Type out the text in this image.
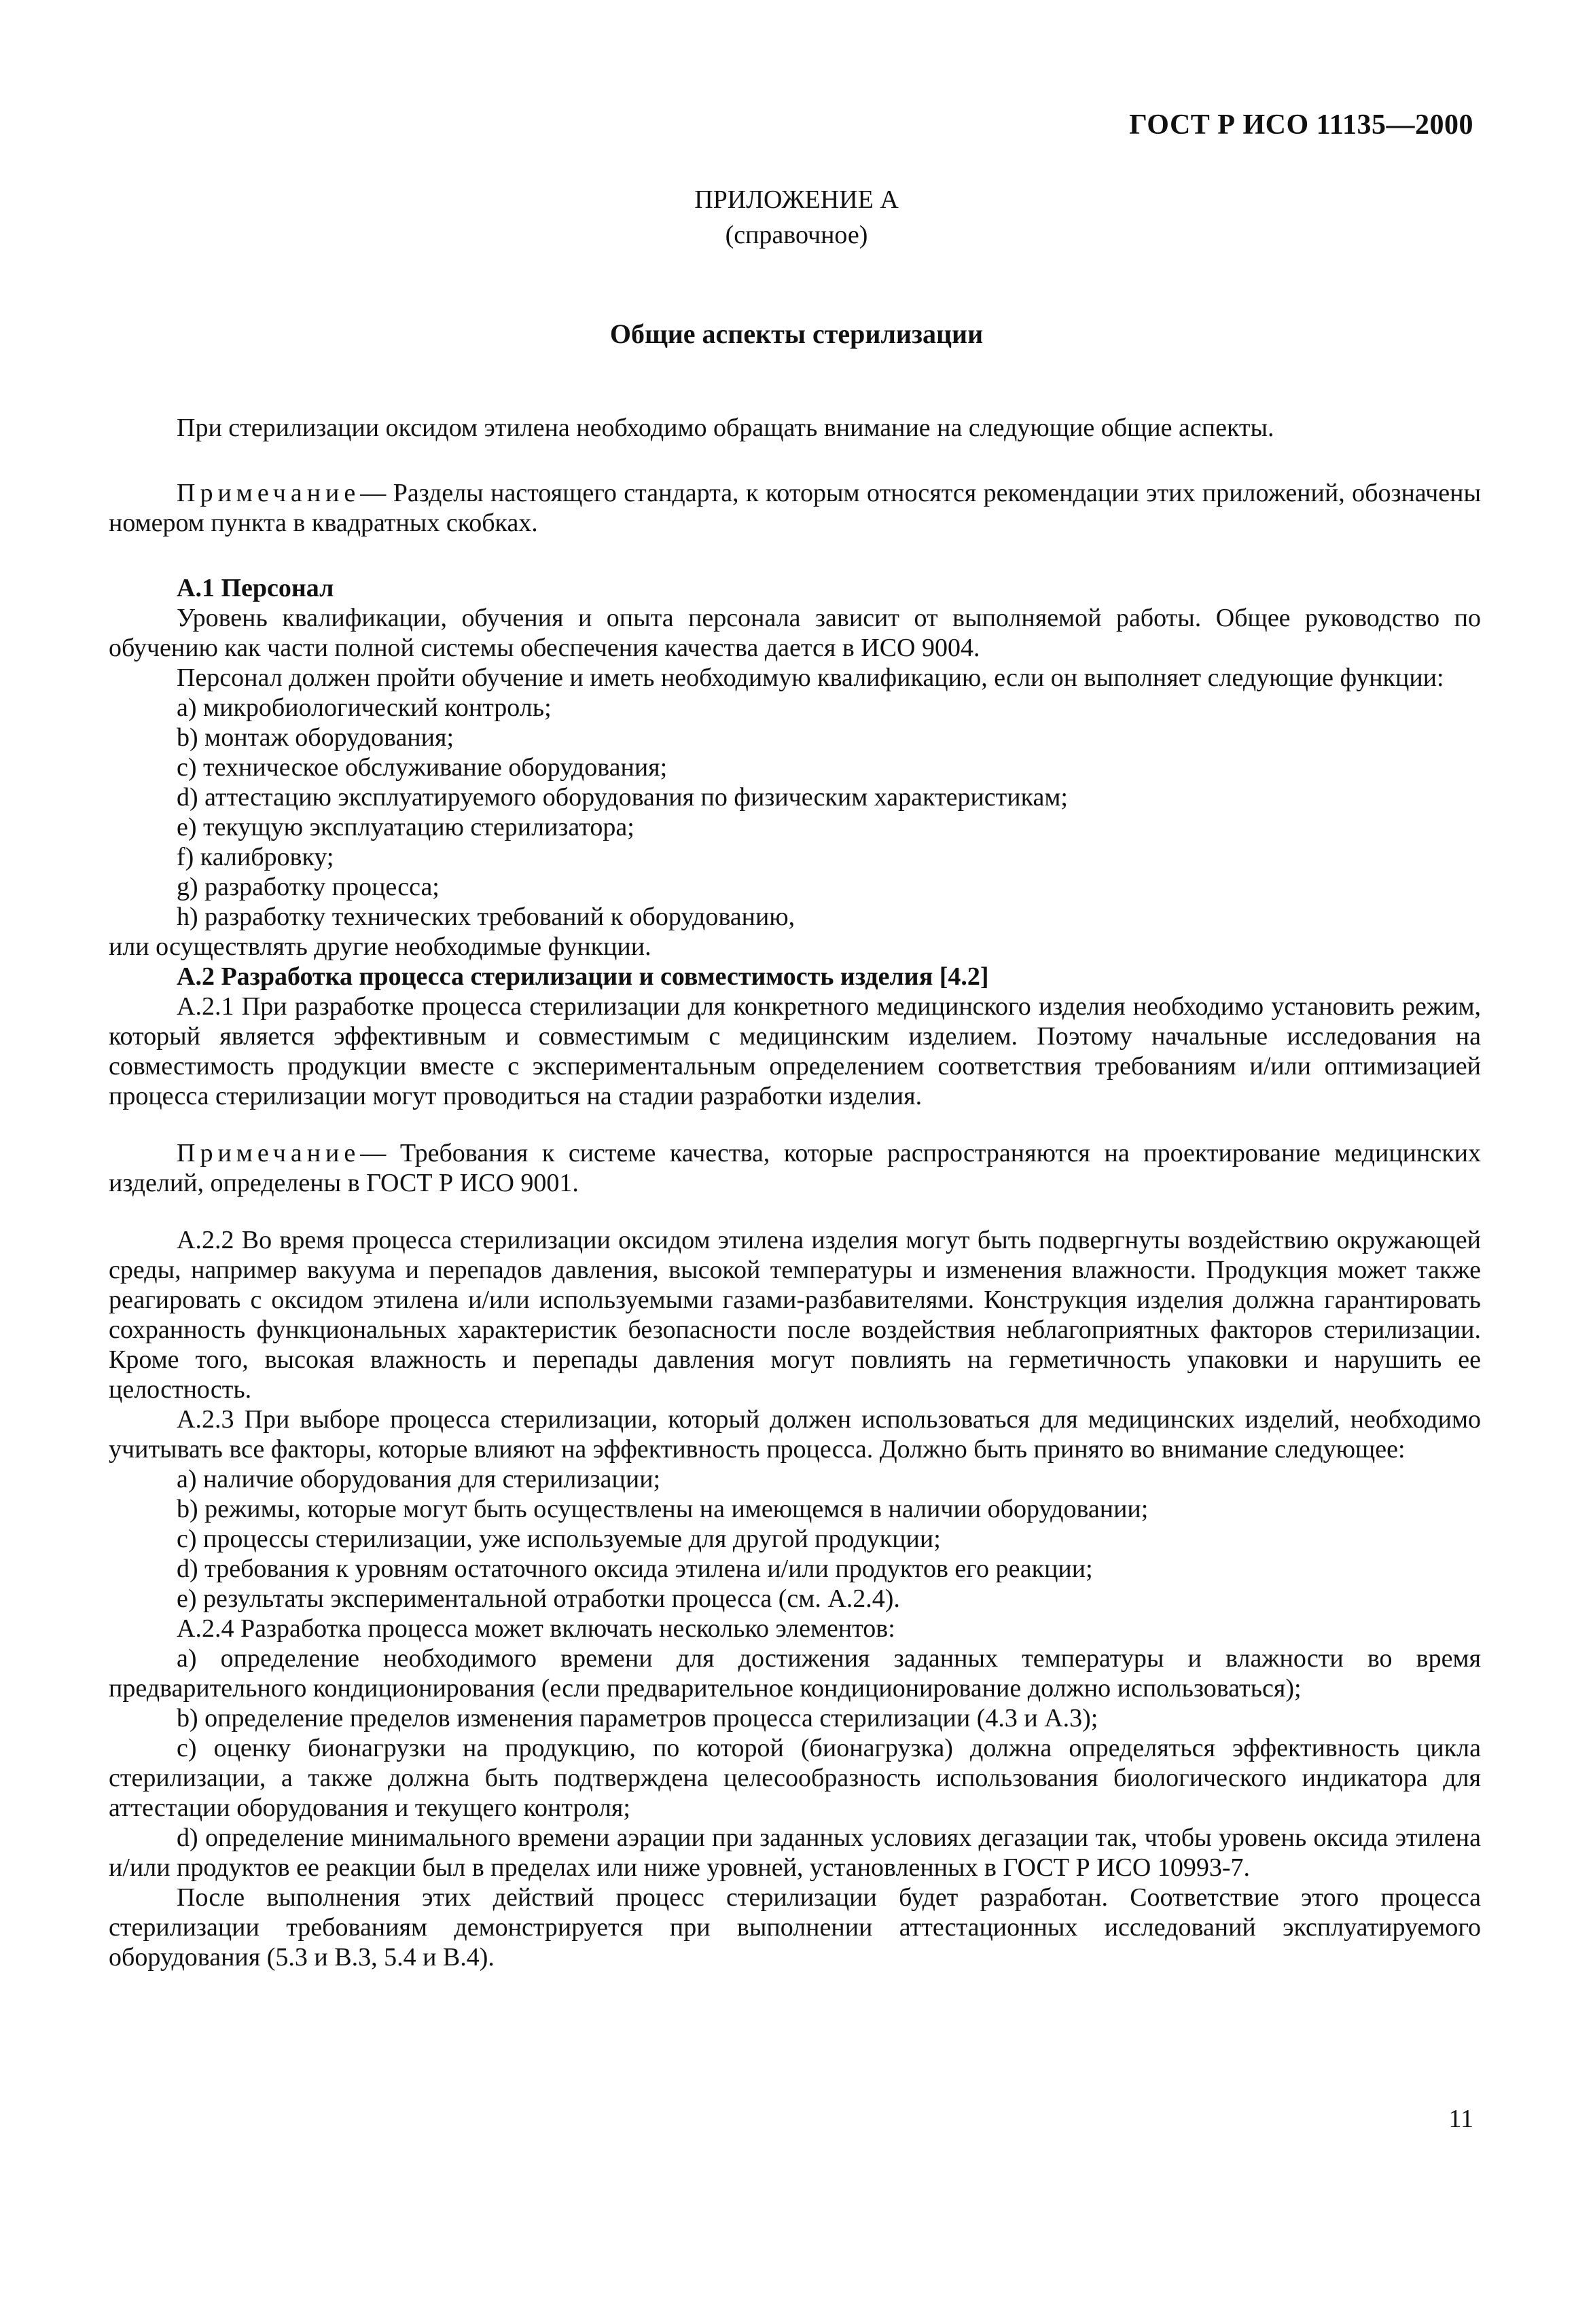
ГОСТ Р ИСО 11135—2000
ПРИЛОЖЕНИЕ А
(справочное)
Общие аспекты стерилизации

При стерилизации оксидом этилена необходимо обращать внимание на следующие общие аспекты.

Примечание— Разделы настоящего стандарта, к которым относятся рекомендации этих приложений, обозначены номером пункта в квадратных скобках.

А.1 Персонал

Уровень квалификации, обучения и опыта персонала зависит от выполняемой работы. Общее руководство по обучению как части полной системы обеспечения качества дается в ИСО 9004.

Персонал должен пройти обучение и иметь необходимую квалификацию, если он выполняет следующие функции:

а) микробиологический контроль;

b) монтаж оборудования;

с) техническое обслуживание оборудования;

d) аттестацию эксплуатируемого оборудования по физическим характеристикам;

е) текущую эксплуатацию стерилизатора;

f) калибровку;

g) разработку процесса;

h) разработку технических требований к оборудованию,

или осуществлять другие необходимые функции.

А.2 Разработка процесса стерилизации и совместимость изделия [4.2]

А.2.1 При разработке процесса стерилизации для конкретного медицинского изделия необходимо установить режим, который является эффективным и совместимым с медицинским изделием. Поэтому начальные исследования на совместимость продукции вместе с экспериментальным определением соответствия требованиям и/или оптимизацией процесса стерилизации могут проводиться на стадии разработки изделия.

Примечание— Требования к системе качества, которые распространяются на проектирование медицинских изделий, определены в ГОСТ Р ИСО 9001.

А.2.2 Во время процесса стерилизации оксидом этилена изделия могут быть подвергнуты воздействию окружающей среды, например вакуума и перепадов давления, высокой температуры и изменения влажности. Продукция может также реагировать с оксидом этилена и/или используемыми газами-разбавителями. Конструкция изделия должна гарантировать сохранность функциональных характеристик безопасности после воздействия неблагоприятных факторов стерилизации. Кроме того, высокая влажность и перепады давления могут повлиять на герметичность упаковки и нарушить ее целостность.

А.2.3 При выборе процесса стерилизации, который должен использоваться для медицинских изделий, необходимо учитывать все факторы, которые влияют на эффективность процесса. Должно быть принято во внимание следующее:

а) наличие оборудования для стерилизации;

b) режимы, которые могут быть осуществлены на имеющемся в наличии оборудовании;

с) процессы стерилизации, уже используемые для другой продукции;

d) требования к уровням остаточного оксида этилена и/или продуктов его реакции;

е) результаты экспериментальной отработки процесса (см. А.2.4).

А.2.4 Разработка процесса может включать несколько элементов:

а) определение необходимого времени для достижения заданных температуры и влажности во время предварительного кондиционирования (если предварительное кондиционирование должно использоваться);

b) определение пределов изменения параметров процесса стерилизации (4.3 и А.3);

с) оценку бионагрузки на продукцию, по которой (бионагрузка) должна определяться эффективность цикла стерилизации, а также должна быть подтверждена целесообразность использования биологического индикатора для аттестации оборудования и текущего контроля;

d) определение минимального времени аэрации при заданных условиях дегазации так, чтобы уровень оксида этилена и/или продуктов ее реакции был в пределах или ниже уровней, установленных в ГОСТ Р ИСО 10993-7.

После выполнения этих действий процесс стерилизации будет разработан. Соответствие этого процесса стерилизации требованиям демонстрируется при выполнении аттестационных исследований эксплуатируемого оборудования (5.3 и В.3, 5.4 и В.4).

11
